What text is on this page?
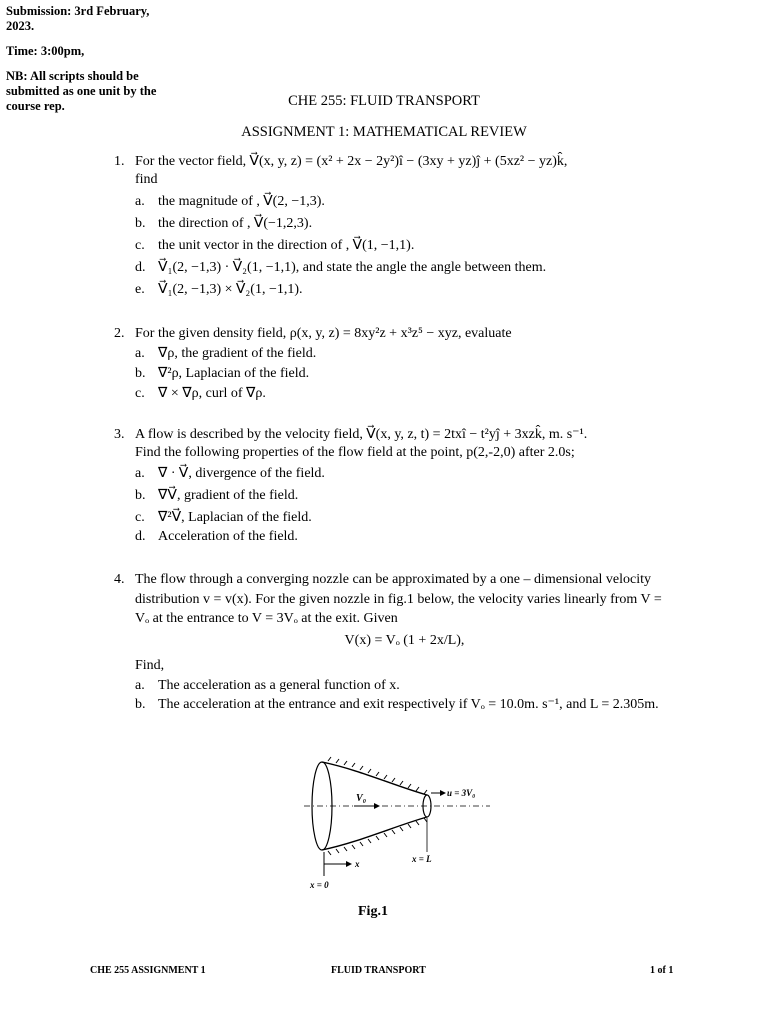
Submission: 3rd February, 2023.

Time: 3:00pm,

NB: All scripts should be submitted as one unit by the course rep.	CHE 255: FLUID TRANSPORT
ASSIGNMENT 1: MATHEMATICAL REVIEW
1. For the vector field, V⃗(x, y, z) = (x² + 2x − 2y²)î − (3xy + yz)ĵ + (5xz² − yz)k̂,
find
a. the magnitude of , V⃗(2, −1,3).
b. the direction of , V⃗(−1,2,3).
c. the unit vector in the direction of , V⃗(1, −1,1).
d. V⃗₁(2, −1,3) · V⃗₂(1, −1,1), and state the angle the angle between them.
e. V⃗₁(2, −1,3) × V⃗₂(1, −1,1).
2. For the given density field, ρ(x, y, z) = 8xy²z + x³z⁵ − xyz, evaluate
a. ∇ρ, the gradient of the field.
b. ∇²ρ, Laplacian of the field.
c. ∇ × ∇ρ, curl of ∇ρ.
3. A flow is described by the velocity field, V⃗(x, y, z, t) = 2txî − t²yĵ + 3xzk̂, m. s⁻¹.
Find the following properties of the flow field at the point, p(2,-2,0) after 2.0s;
a. ∇ · V⃗, divergence of the field.
b. ∇V⃗, gradient of the field.
c. ∇²V⃗, Laplacian of the field.
d. Acceleration of the field.
4. The flow through a converging nozzle can be approximated by a one – dimensional velocity distribution v = v(x). For the given nozzle in fig.1 below, the velocity varies linearly from V = Vₒ at the entrance to V = 3Vₒ at the exit. Given
V(x) = Vₒ (1 + 2x/L),
Find,
a. The acceleration as a general function of x.
b. The acceleration at the entrance and exit respectively if Vₒ = 10.0m. s⁻¹, and L = 2.305m.
V₀	u = 3V₀
x
x = 0
x = L
Fig.1
CHE 255 ASSIGNMENT 1	FLUID TRANSPORT	1 of 1
